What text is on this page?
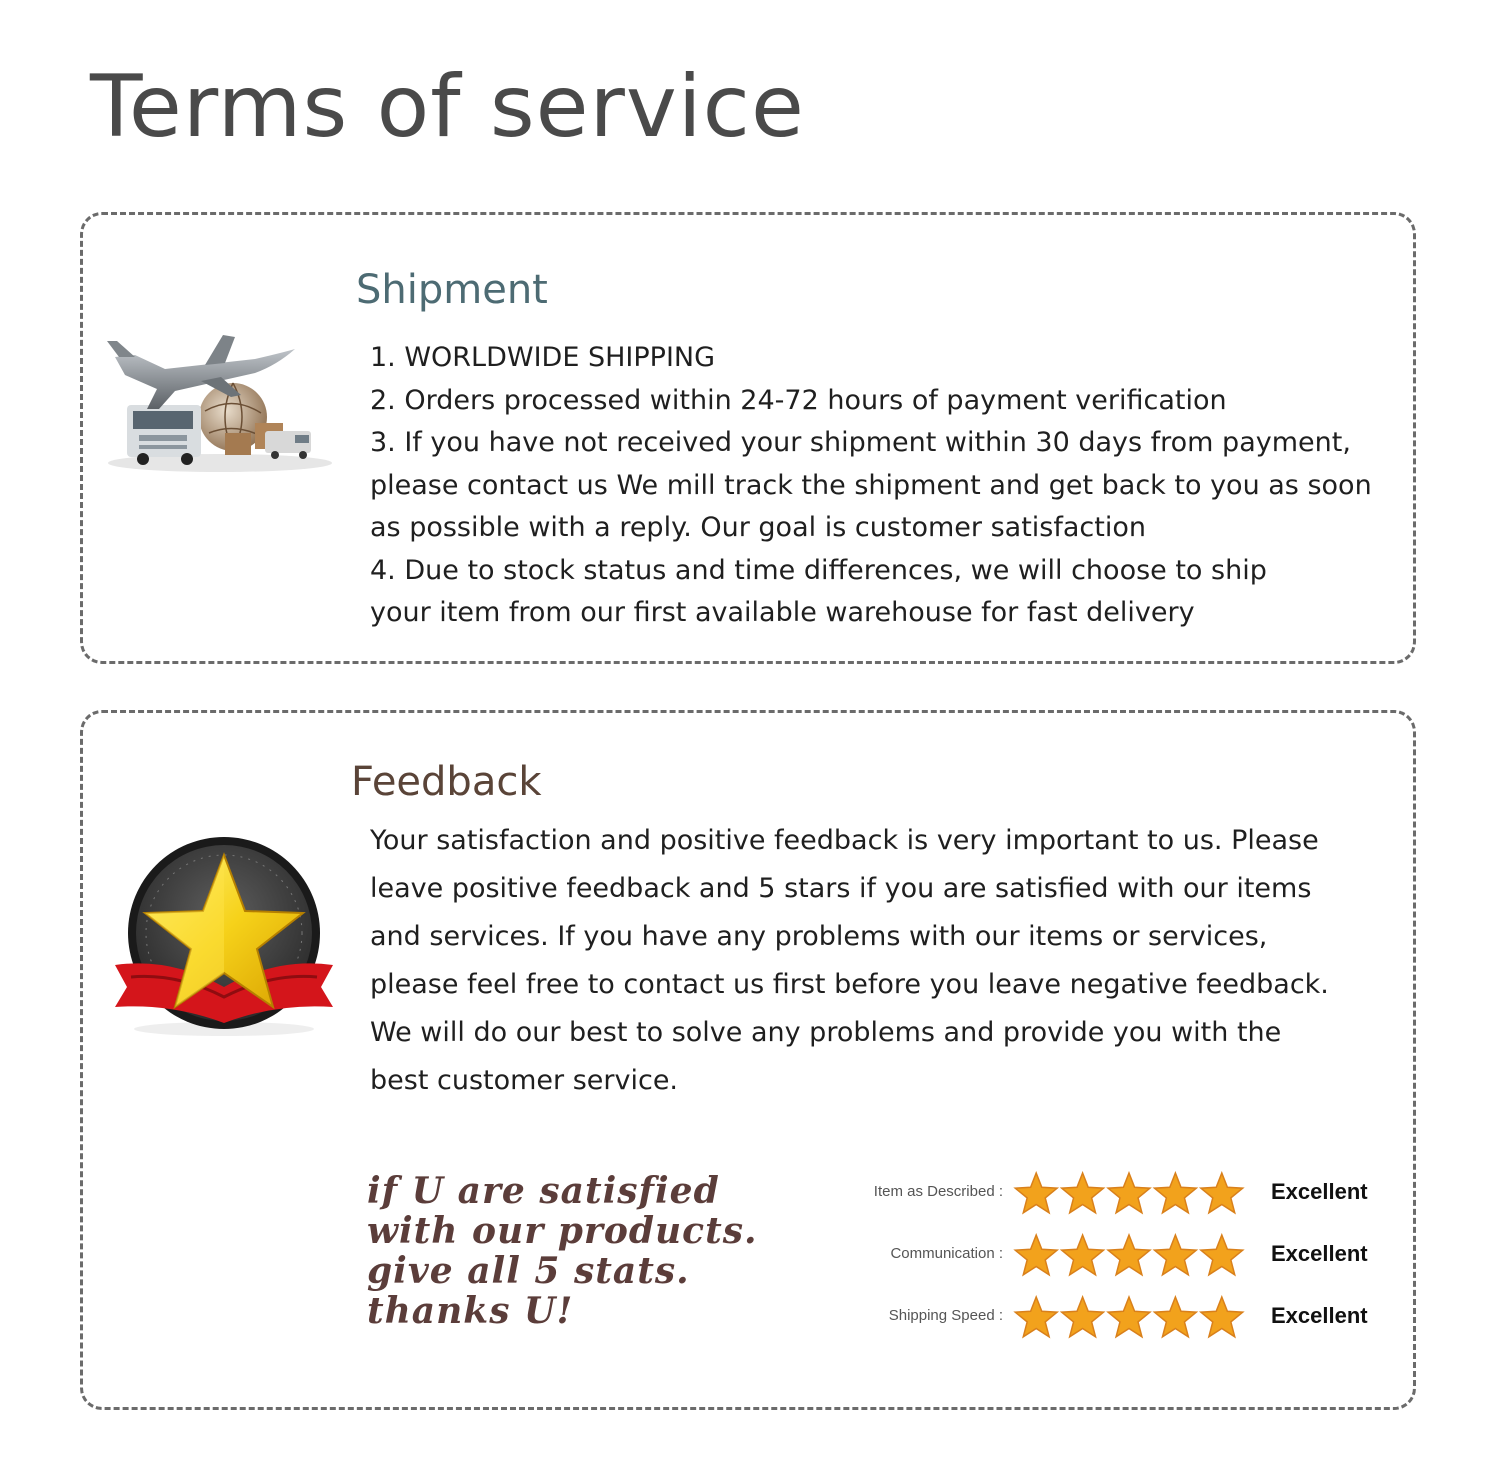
Terms of service
Shipment
1. WORLDWIDE SHIPPING
2. Orders processed within 24-72 hours of payment verification
3. If you have not received your shipment within 30 days from payment,
please contact us We mill track the shipment and get back to you as soon
as possible with a reply. Our goal is customer satisfaction
4. Due to stock status and time differences, we will choose to ship
your item from our first available warehouse for fast delivery
Feedback
Your satisfaction and positive feedback is very important to us. Please
leave positive feedback and 5 stars if you are satisfied with our items
and services. If you have any problems with our items or services,
please feel free to contact us first before you leave negative feedback.
We will do our best to solve any problems and provide you with the
best customer service.
if U are satisfied
with our products.
give all 5 stats.
thanks U!
Item as Described :	Excellent
Communication :	Excellent
Shipping Speed :	Excellent
